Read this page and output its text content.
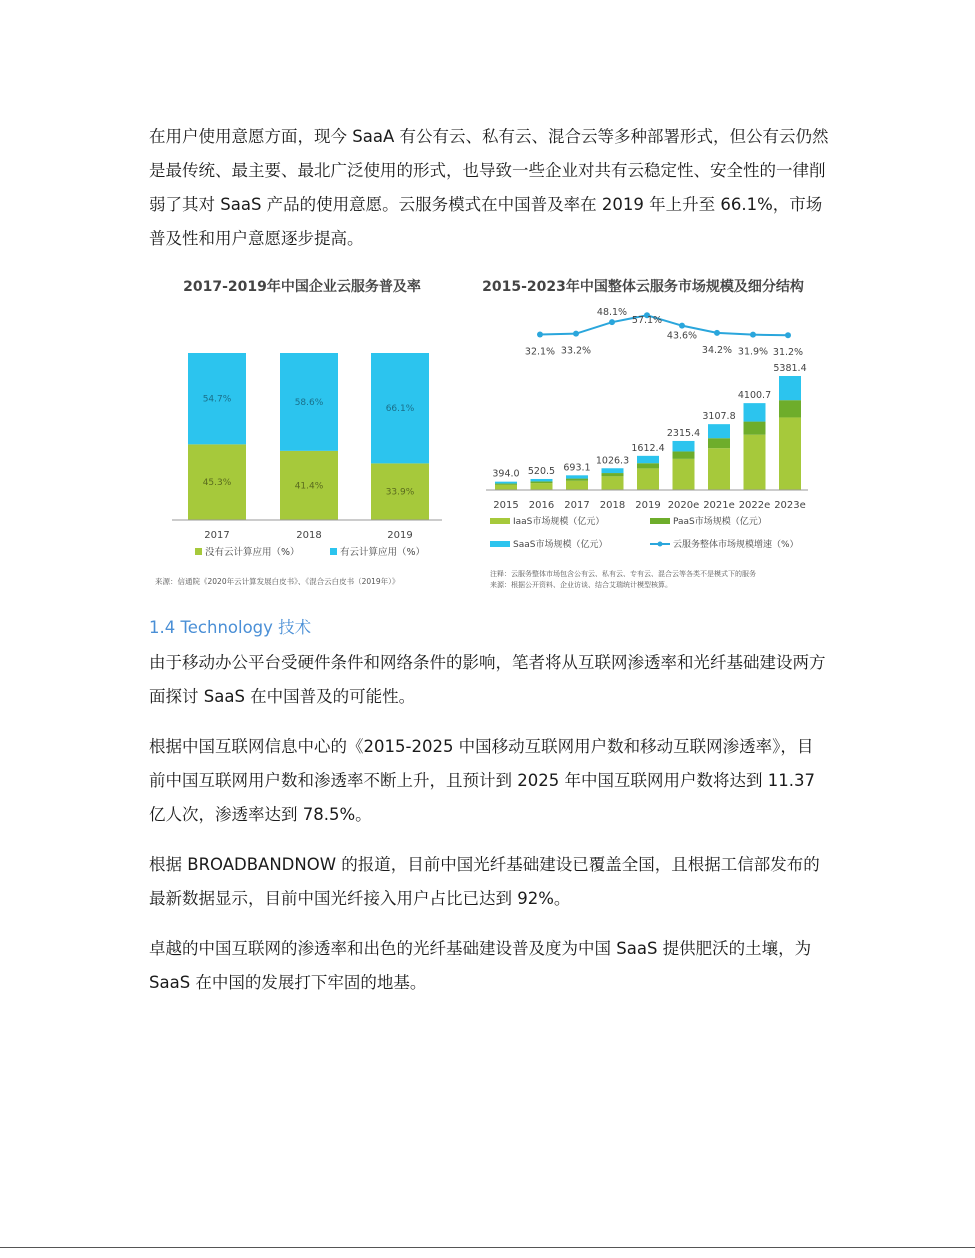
在用户使用意愿方面，现今 SaaA 有公有云、私有云、混合云等多种部署形式，但公有云仍然是最传统、最主要、最北广泛使用的形式，也导致一些企业对共有云稳定性、安全性的一律削弱了其对 SaaS 产品的使用意愿。云服务模式在中国普及率在 2019 年上升至 66.1%，市场普及性和用户意愿逐步提高。

2017-2019年中国企业云服务普及率
45.3%
54.7%
41.4%
58.6%
33.9%
66.1%
2017	2018	2019
没有云计算应用（%）	有云计算应用（%）
来源：信通院《2020年云计算发展白皮书》、《混合云白皮书（2019年）》
2015-2023年中国整体云服务市场规模及细分结构
32.1% 33.2%
48.1%
57.1%
43.6%
34.2% 31.9% 31.2%
394.0 520.5 693.1
1026.3
1612.4
2315.4
3107.8
4100.7
5381.4
2015 2016 2017 2018 2019 2020e 2021e 2022e 2023e
IaaS市场规模（亿元）	PaaS市场规模（亿元）
SaaS市场规模（亿元）	云服务整体市场规模增速（%）
注释：云服务整体市场包含公有云、私有云、专有云、混合云等各类不是模式下的服务
来源：根据公开资料、企业访谈、结合艾瑞统计模型核算。
1.4 Technology 技术

由于移动办公平台受硬件条件和网络条件的影响，笔者将从互联网渗透率和光纤基础建设两方面探讨 SaaS 在中国普及的可能性。

根据中国互联网信息中心的《2015-2025 中国移动互联网用户数和移动互联网渗透率》，目前中国互联网用户数和渗透率不断上升，且预计到 2025 年中国互联网用户数将达到 11.37 亿人次，渗透率达到 78.5%。

根据 BROADBANDNOW 的报道，目前中国光纤基础建设已覆盖全国，且根据工信部发布的最新数据显示，目前中国光纤接入用户占比已达到 92%。

卓越的中国互联网的渗透率和出色的光纤基础建设普及度为中国 SaaS 提供肥沃的土壤，为 SaaS 在中国的发展打下牢固的地基。
